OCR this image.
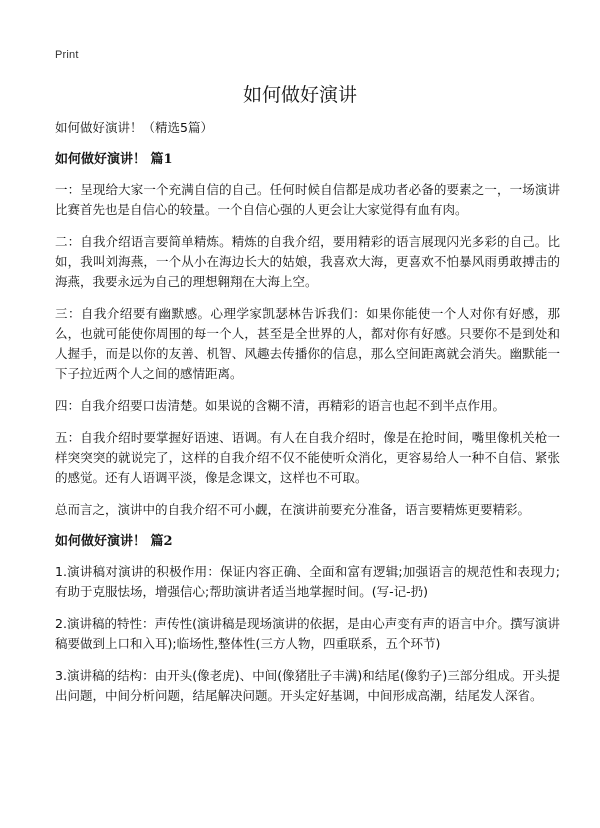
Print
如何做好演讲

如何做好演讲！（精选5篇）

如何做好演讲！ 篇1

一：呈现给大家一个充满自信的自己。任何时候自信都是成功者必备的要素之一，一场演讲比赛首先也是自信心的较量。一个自信心强的人更会让大家觉得有血有肉。

二：自我介绍语言要简单精炼。精炼的自我介绍，要用精彩的语言展现闪光多彩的自己。比如，我叫刘海燕，一个从小在海边长大的姑娘，我喜欢大海，更喜欢不怕暴风雨勇敢搏击的海燕，我要永远为自己的理想翱翔在大海上空。

三：自我介绍要有幽默感。心理学家凯瑟林告诉我们：如果你能使一个人对你有好感，那么，也就可能使你周围的每一个人，甚至是全世界的人，都对你有好感。只要你不是到处和人握手，而是以你的友善、机智、风趣去传播你的信息，那么空间距离就会消失。幽默能一下子拉近两个人之间的感情距离。

四：自我介绍要口齿清楚。如果说的含糊不清，再精彩的语言也起不到半点作用。

五：自我介绍时要掌握好语速、语调。有人在自我介绍时，像是在抢时间，嘴里像机关枪一样突突突的就说完了，这样的自我介绍不仅不能使听众消化，更容易给人一种不自信、紧张的感觉。还有人语调平淡，像是念课文，这样也不可取。

总而言之，演讲中的自我介绍不可小觑，在演讲前要充分准备，语言要精炼更要精彩。

如何做好演讲！ 篇2

1.演讲稿对演讲的积极作用：保证内容正确、全面和富有逻辑;加强语言的规范性和表现力;有助于克服怯场，增强信心;帮助演讲者适当地掌握时间。(写-记-扔)

2.演讲稿的特性：声传性(演讲稿是现场演讲的依据，是由心声变有声的语言中介。撰写演讲稿要做到上口和入耳);临场性,整体性(三方人物，四重联系，五个环节)

3.演讲稿的结构：由开头(像老虎)、中间(像猪肚子丰满)和结尾(像豹子)三部分组成。开头提出问题，中间分析问题，结尾解决问题。开头定好基调，中间形成高潮，结尾发人深省。
